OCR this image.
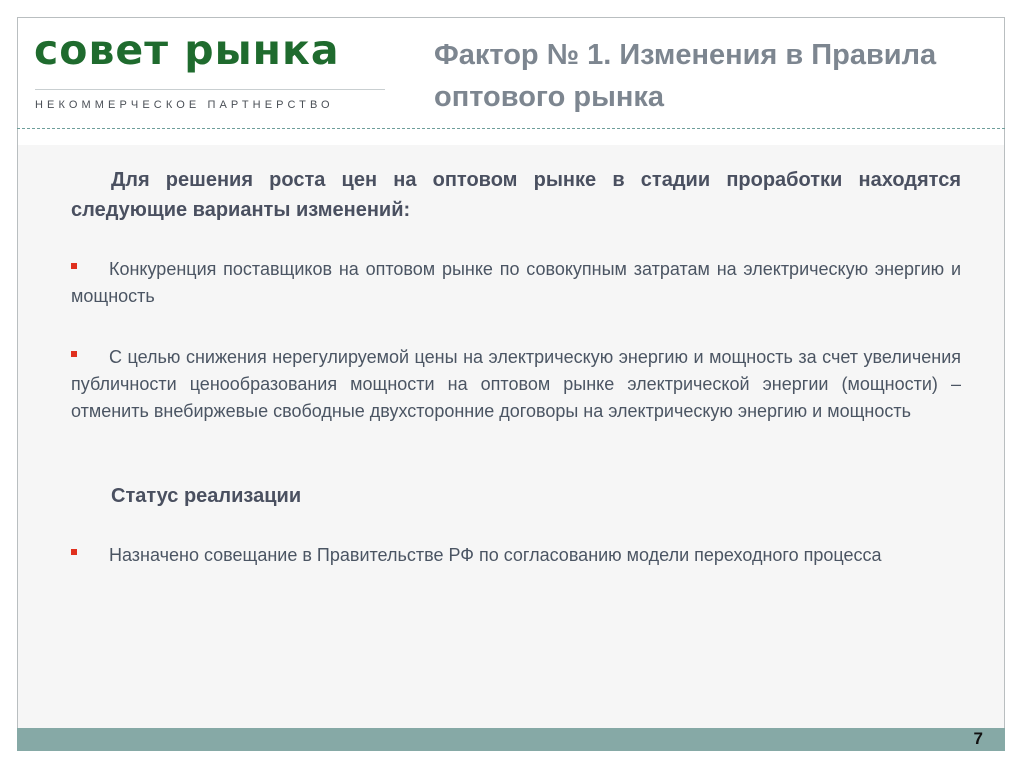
совет рынка
НЕКОММЕРЧЕСКОЕ ПАРТНЕРСТВО
Фактор № 1. Изменения в Правила оптового рынка
Для решения роста цен на оптовом рынке в стадии проработки находятся следующие варианты изменений:
Конкуренция поставщиков на оптовом рынке по совокупным затратам на электрическую энергию и мощность
С целью снижения нерегулируемой цены на электрическую энергию и мощность за счет увеличения публичности ценообразования мощности на оптовом рынке электрической энергии (мощности) – отменить внебиржевые свободные двухсторонние договоры на электрическую энергию и мощность
Статус реализации
Назначено совещание в Правительстве РФ по согласованию модели переходного процесса
7
